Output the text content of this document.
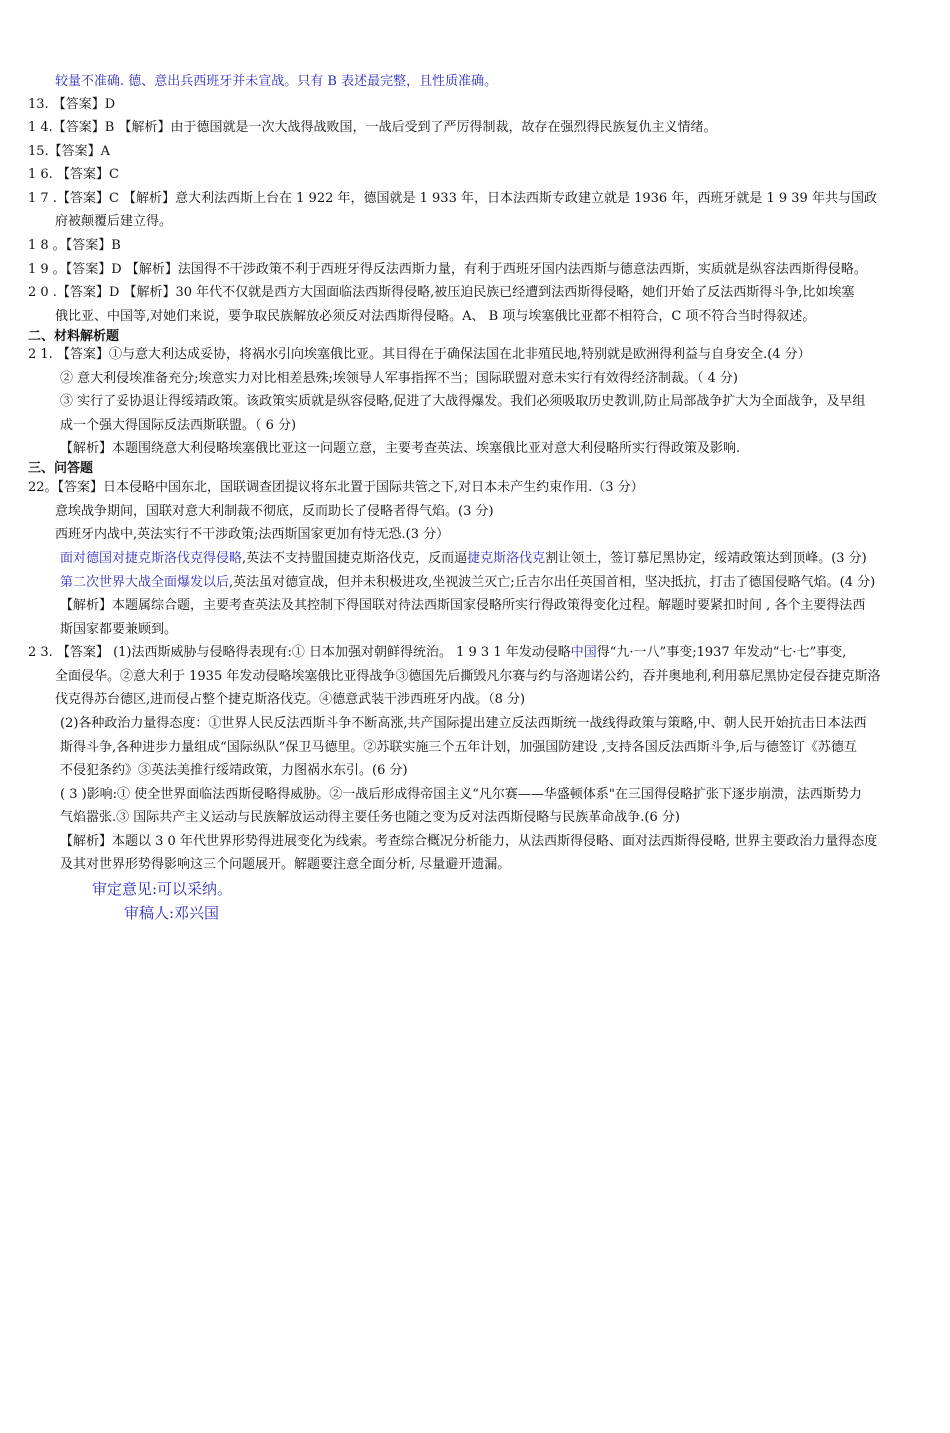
较量不准确. 德、意出兵西班牙并未宣战。只有 B 表述最完整，且性质准确。
13. 【答案】D
1 4.【答案】B 【解析】由于德国就是一次大战得战败国，一战后受到了严厉得制裁，故存在强烈得民族复仇主义情绪。
15.【答案】A
1 6. 【答案】C
1 7 .【答案】C 【解析】意大利法西斯上台在 1 922 年，德国就是 1 933 年，日本法西斯专政建立就是 1936 年，西班牙就是 1 9 39 年共与国政
府被颠覆后建立得。
1 8 。【答案】B
1 9 。【答案】D 【解析】法国得不干涉政策不利于西班牙得反法西斯力量，有利于西班牙国内法西斯与德意法西斯，实质就是纵容法西斯得侵略。
2 0 .【答案】D 【解析】30 年代不仅就是西方大国面临法西斯得侵略,被压迫民族已经遭到法西斯得侵略，她们开始了反法西斯得斗争,比如埃塞
俄比亚、中国等,对她们来说，要争取民族解放必须反对法西斯得侵略。A、 B 项与埃塞俄比亚都不相符合，C 项不符合当时得叙述。
二、材料解析题
2 1. 【答案】①与意大利达成妥协，将祸水引向埃塞俄比亚。其目得在于确保法国在北非殖民地,特别就是欧洲得利益与自身安全.(4 分）
② 意大利侵埃准备充分;埃意实力对比相差悬殊;埃领导人军事指挥不当；国际联盟对意未实行有效得经济制裁。（ 4 分)
③ 实行了妥协退让得绥靖政策。该政策实质就是纵容侵略,促进了大战得爆发。我们必须吸取历史教训,防止局部战争扩大为全面战争，及早组
成一个强大得国际反法西斯联盟。（ 6 分)
【解析】本题围绕意大利侵略埃塞俄比亚这一问题立意，主要考查英法、埃塞俄比亚对意大利侵略所实行得政策及影响.
三、问答题
22。【答案】日本侵略中国东北，国联调查团提议将东北置于国际共管之下,对日本未产生约束作用.（3 分）
意埃战争期间，国联对意大利制裁不彻底，反而助长了侵略者得气焰。(3 分)
西班牙内战中,英法实行不干涉政策;法西斯国家更加有恃无恐.(3 分）
面对德国对捷克斯洛伐克得侵略,英法不支持盟国捷克斯洛伐克，反而逼捷克斯洛伐克割让领土，签订慕尼黑协定，绥靖政策达到顶峰。(3 分)
第二次世界大战全面爆发以后,英法虽对德宣战，但并未积极进攻,坐视波兰灭亡;丘吉尔出任英国首相，坚决抵抗，打击了德国侵略气焰。(4 分)
【解析】本题属综合题，主要考查英法及其控制下得国联对待法西斯国家侵略所实行得政策得变化过程。解题时要紧扣时间 , 各个主要得法西
斯国家都要兼顾到。
2 3. 【答案】 (1)法西斯威胁与侵略得表现有:① 日本加强对朝鲜得统治。 1 9 3 1 年发动侵略中国得“九·一八”事变;1937 年发动“七·七”事变,
全面侵华。②意大利于 1935 年发动侵略埃塞俄比亚得战争③德国先后撕毁凡尔赛与约与洛迦诺公约，吞并奥地利,利用慕尼黑协定侵吞捷克斯洛
伐克得苏台德区,进而侵占整个捷克斯洛伐克。④德意武装干涉西班牙内战。（8 分)
(2)各种政治力量得态度：①世界人民反法西斯斗争不断高涨,共产国际提出建立反法西斯统一战线得政策与策略,中、朝人民开始抗击日本法西
斯得斗争,各种进步力量组成“国际纵队”保卫马德里。②苏联实施三个五年计划，加强国防建设 ,支持各国反法西斯斗争,后与德签订《苏德互
不侵犯条约》③英法美推行绥靖政策，力图祸水东引。(6 分)
( 3 )影响:① 使全世界面临法西斯侵略得威胁。②一战后形成得帝国主义“凡尔赛——华盛顿体系"在三国得侵略扩张下逐步崩溃，法西斯势力
气焰嚣张.③ 国际共产主义运动与民族解放运动得主要任务也随之变为反对法西斯侵略与民族革命战争.(6 分)
【解析】本题以 3 0 年代世界形势得进展变化为线索。考查综合概况分析能力，从法西斯得侵略、面对法西斯得侵略, 世界主要政治力量得态度
及其对世界形势得影响这三个问题展开。解题要注意全面分析, 尽量避开遗漏。
审定意见:可以采纳。
审稿人:邓兴国
